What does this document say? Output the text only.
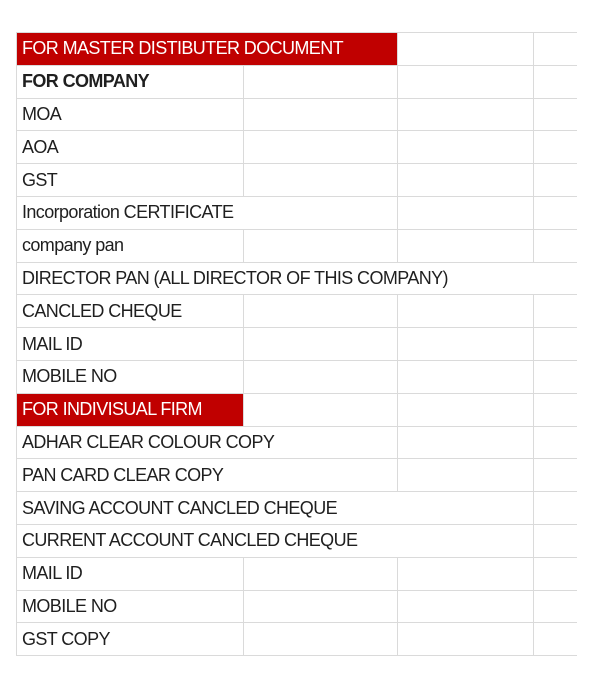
FOR MASTER DISTIBUTER DOCUMENT			
FOR COMPANY			
MOA			
AOA			
GST			
Incorporation CERTIFICATE			
company pan			
DIRECTOR PAN (ALL DIRECTOR OF THIS COMPANY)			
CANCLED CHEQUE			
MAIL ID			
MOBILE NO			
FOR INDIVISUAL FIRM			
ADHAR CLEAR COLOUR COPY			
PAN CARD CLEAR COPY			
SAVING ACCOUNT CANCLED CHEQUE			
CURRENT ACCOUNT CANCLED CHEQUE			
MAIL ID			
MOBILE NO			
GST COPY			
